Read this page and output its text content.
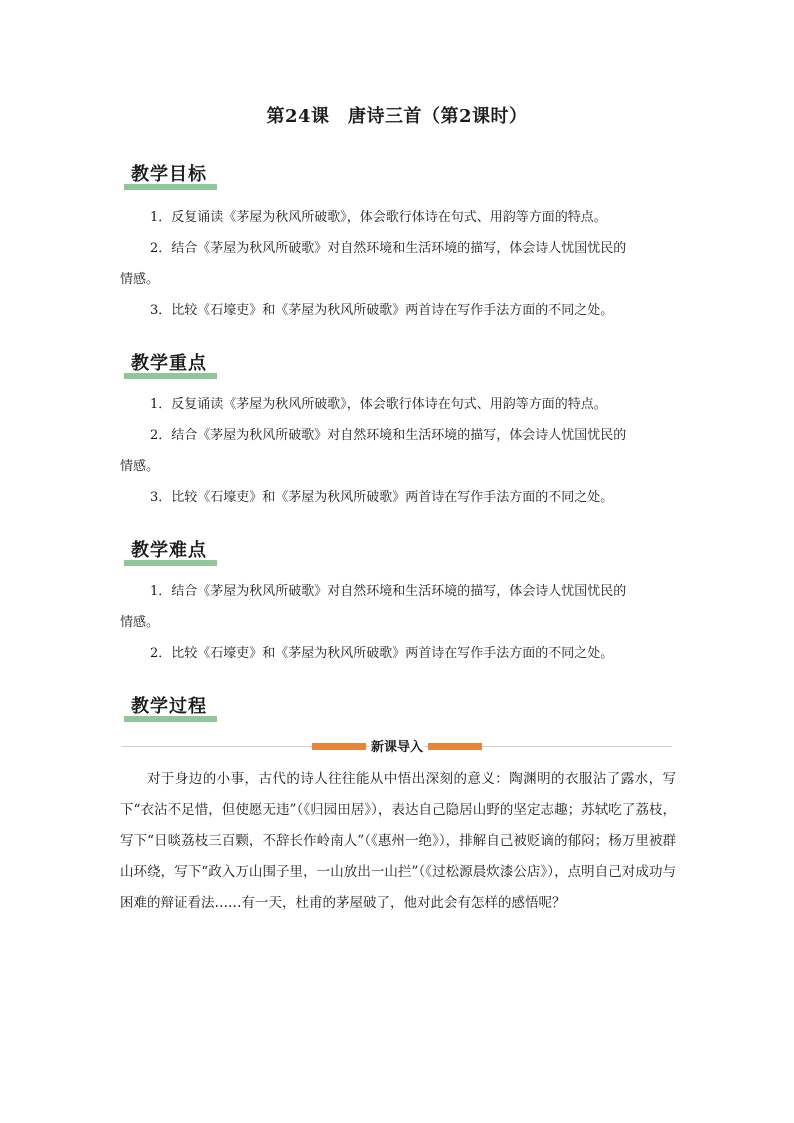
第24课　唐诗三首（第2课时）
教学目标
1．反复诵读《茅屋为秋风所破歌》，体会歌行体诗在句式、用韵等方面的特点。
2．结合《茅屋为秋风所破歌》对自然环境和生活环境的描写，体会诗人忧国忧民的
情感。
3．比较《石壕吏》和《茅屋为秋风所破歌》两首诗在写作手法方面的不同之处。
教学重点
1．反复诵读《茅屋为秋风所破歌》，体会歌行体诗在句式、用韵等方面的特点。
2．结合《茅屋为秋风所破歌》对自然环境和生活环境的描写，体会诗人忧国忧民的
情感。
3．比较《石壕吏》和《茅屋为秋风所破歌》两首诗在写作手法方面的不同之处。
教学难点
1．结合《茅屋为秋风所破歌》对自然环境和生活环境的描写，体会诗人忧国忧民的
情感。
2．比较《石壕吏》和《茅屋为秋风所破歌》两首诗在写作手法方面的不同之处。
教学过程
新课导入
对于身边的小事，古代的诗人往往能从中悟出深刻的意义：陶渊明的衣服沾了露水，写下“衣沾不足惜，但使愿无违”（《归园田居》），表达自己隐居山野的坚定志趣；苏轼吃了荔枝，写下“日啖荔枝三百颗，不辞长作岭南人”（《惠州一绝》），排解自己被贬谪的郁闷；杨万里被群山环绕，写下“政入万山围子里，一山放出一山拦”（《过松源晨炊漆公店》），点明自己对成功与困难的辩证看法……有一天，杜甫的茅屋破了，他对此会有怎样的感悟呢？
